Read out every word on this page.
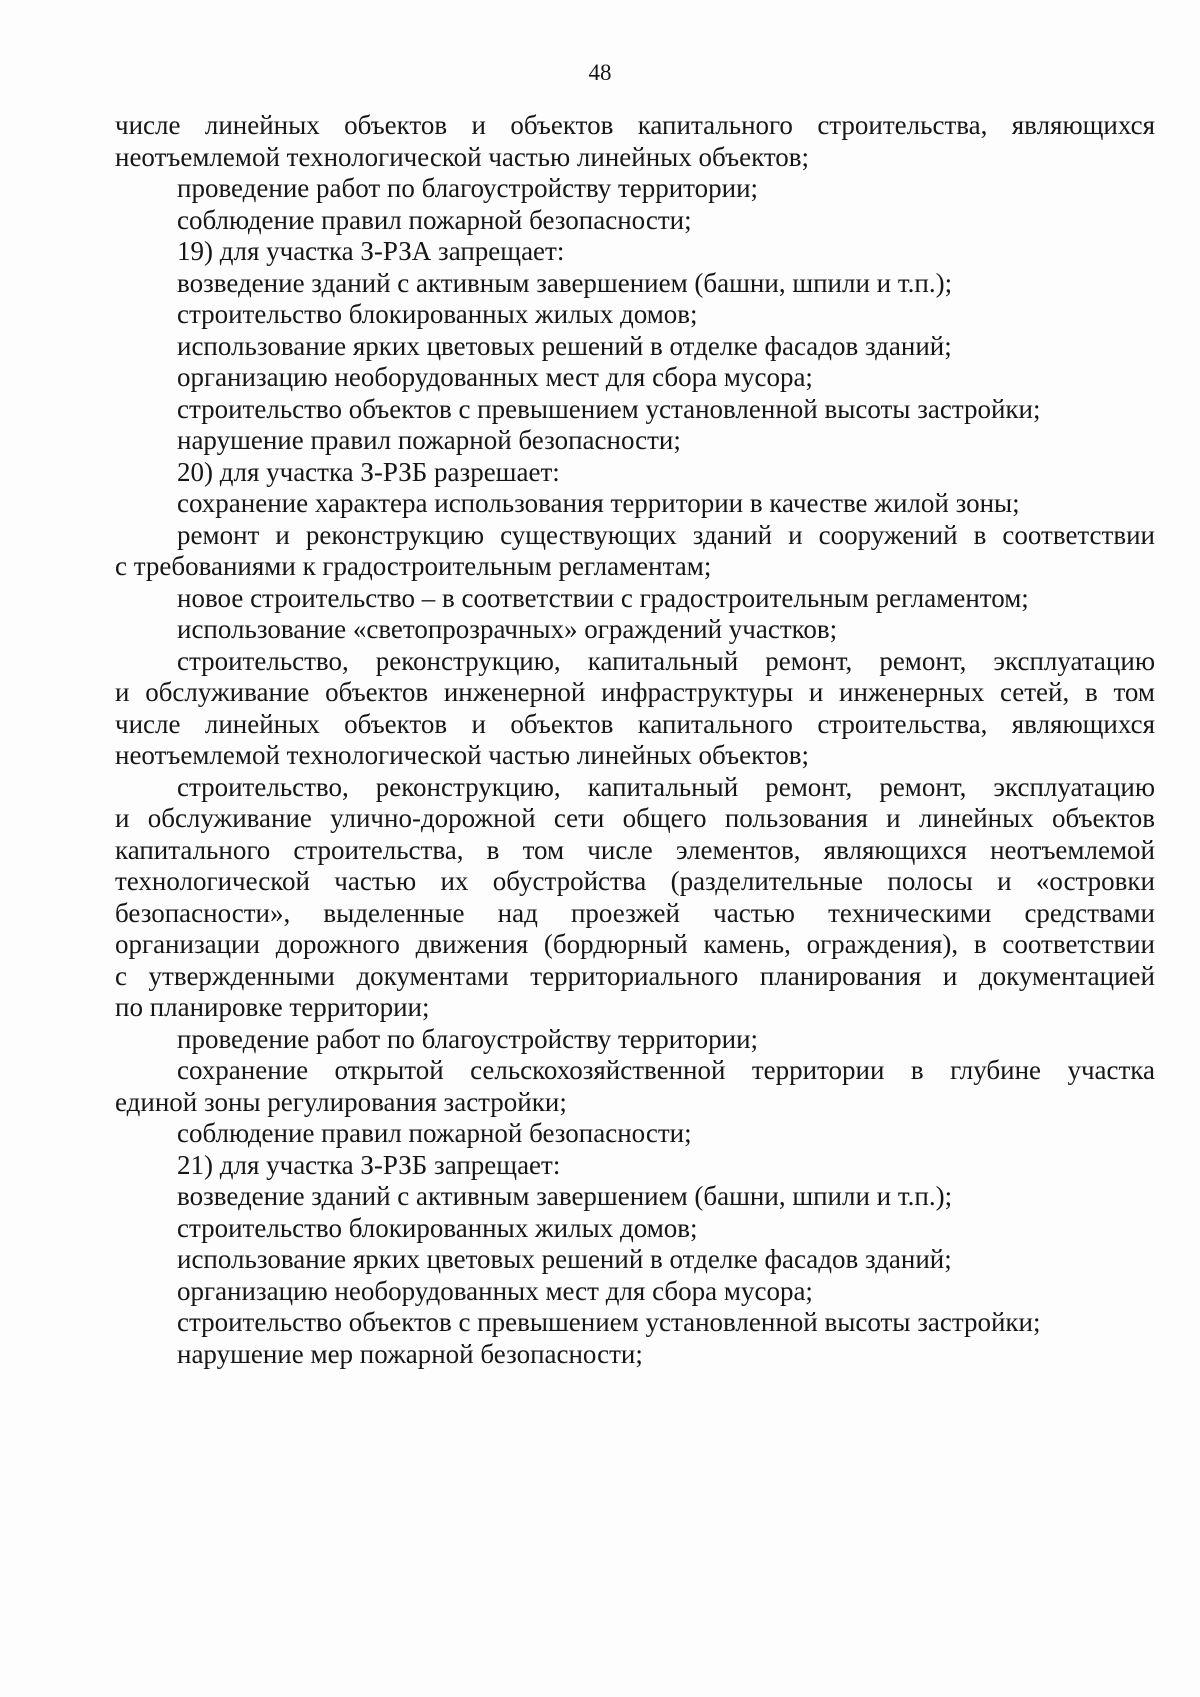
48
числе линейных объектов и объектов капитального строительства, являющихся
неотъемлемой технологической частью линейных объектов;
проведение работ по благоустройству территории;
соблюдение правил пожарной безопасности;
19) для участка З-РЗА запрещает:
возведение зданий с активным завершением (башни, шпили и т.п.);
строительство блокированных жилых домов;
использование ярких цветовых решений в отделке фасадов зданий;
организацию необорудованных мест для сбора мусора;
строительство объектов с превышением установленной высоты застройки;
нарушение правил пожарной безопасности;
20) для участка З-РЗБ разрешает:
сохранение характера использования территории в качестве жилой зоны;
ремонт и реконструкцию существующих зданий и сооружений в соответствии
с требованиями к градостроительным регламентам;
новое строительство – в соответствии с градостроительным регламентом;
использование «светопрозрачных» ограждений участков;
строительство, реконструкцию, капитальный ремонт, ремонт, эксплуатацию
и обслуживание объектов инженерной инфраструктуры и инженерных сетей, в том
числе линейных объектов и объектов капитального строительства, являющихся
неотъемлемой технологической частью линейных объектов;
строительство, реконструкцию, капитальный ремонт, ремонт, эксплуатацию
и обслуживание улично-дорожной сети общего пользования и линейных объектов
капитального строительства, в том числе элементов, являющихся неотъемлемой
технологической частью их обустройства (разделительные полосы и «островки
безопасности», выделенные над проезжей частью техническими средствами
организации дорожного движения (бордюрный камень, ограждения), в соответствии
с утвержденными документами территориального планирования и документацией
по планировке территории;
проведение работ по благоустройству территории;
сохранение открытой сельскохозяйственной территории в глубине участка
единой зоны регулирования застройки;
соблюдение правил пожарной безопасности;
21) для участка З-РЗБ запрещает:
возведение зданий с активным завершением (башни, шпили и т.п.);
строительство блокированных жилых домов;
использование ярких цветовых решений в отделке фасадов зданий;
организацию необорудованных мест для сбора мусора;
строительство объектов с превышением установленной высоты застройки;
нарушение мер пожарной безопасности;
